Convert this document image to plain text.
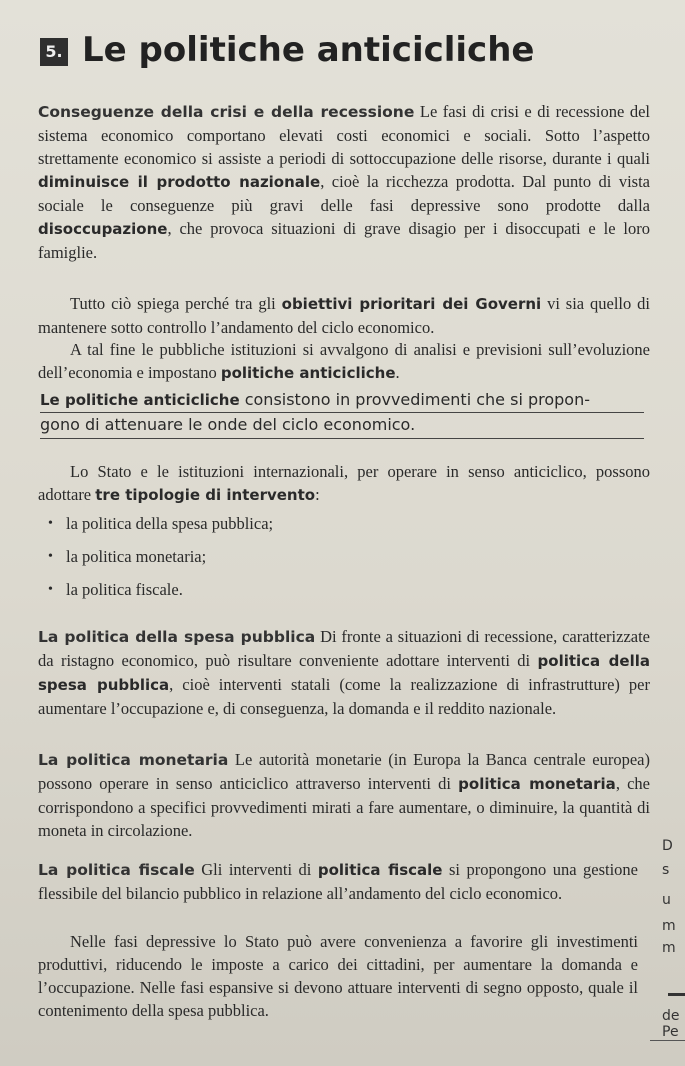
5. Le politiche anticicliche

Conseguenze della crisi e della recessione Le fasi di crisi e di recessione del sistema economico comportano elevati costi economici e sociali. Sotto l’aspetto strettamente economico si assiste a periodi di sottoccupazione delle risorse, durante i quali diminuisce il prodotto nazionale, cioè la ricchezza prodotta. Dal punto di vista sociale le conseguenze più gravi delle fasi depressive sono prodotte dalla disoccupazione, che provoca situazioni di grave disagio per i disoccupati e le loro famiglie.

Tutto ciò spiega perché tra gli obiettivi prioritari dei Governi vi sia quello di mantenere sotto controllo l’andamento del ciclo economico.

A tal fine le pubbliche istituzioni si avvalgono di analisi e previsioni sull’evoluzione dell’economia e impostano politiche anticicliche.

Le politiche anticicliche consistono in provvedimenti che si propon-
gono di attenuare le onde del ciclo economico.

Lo Stato e le istituzioni internazionali, per operare in senso anticiclico, possono adottare tre tipologie di intervento:

• la politica della spesa pubblica;
• la politica monetaria;
• la politica fiscale.

La politica della spesa pubblica Di fronte a situazioni di recessione, caratterizzate da ristagno economico, può risultare conveniente adottare interventi di politica della spesa pubblica, cioè interventi statali (come la realizzazione di infrastrutture) per aumentare l’occupazione e, di conseguenza, la domanda e il reddito nazionale.

La politica monetaria Le autorità monetarie (in Europa la Banca centrale europea) possono operare in senso anticiclico attraverso interventi di politica monetaria, che corrispondono a specifici provvedimenti mirati a fare aumentare, o diminuire, la quantità di moneta in circolazione.

La politica fiscale Gli interventi di politica fiscale si propongono una gestione flessibile del bilancio pubblico in relazione all’andamento del ciclo economico.

Nelle fasi depressive lo Stato può avere convenienza a favorire gli investimenti produttivi, riducendo le imposte a carico dei cittadini, per aumentare la domanda e l’occupazione. Nelle fasi espansive si devono attuare interventi di segno opposto, quale il contenimento della spesa pubblica.

D
s
u
m
m
de
Pe
